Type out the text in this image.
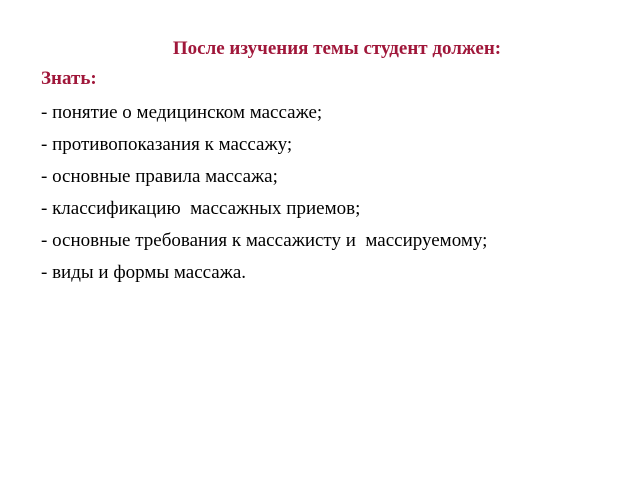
После изучения темы студент должен:
Знать:
- понятие о медицинском массаже;
- противопоказания к массажу;
- основные правила массажа;
- классификацию  массажных приемов;
- основные требования к массажисту и  массируемому;
- виды и формы массажа.
